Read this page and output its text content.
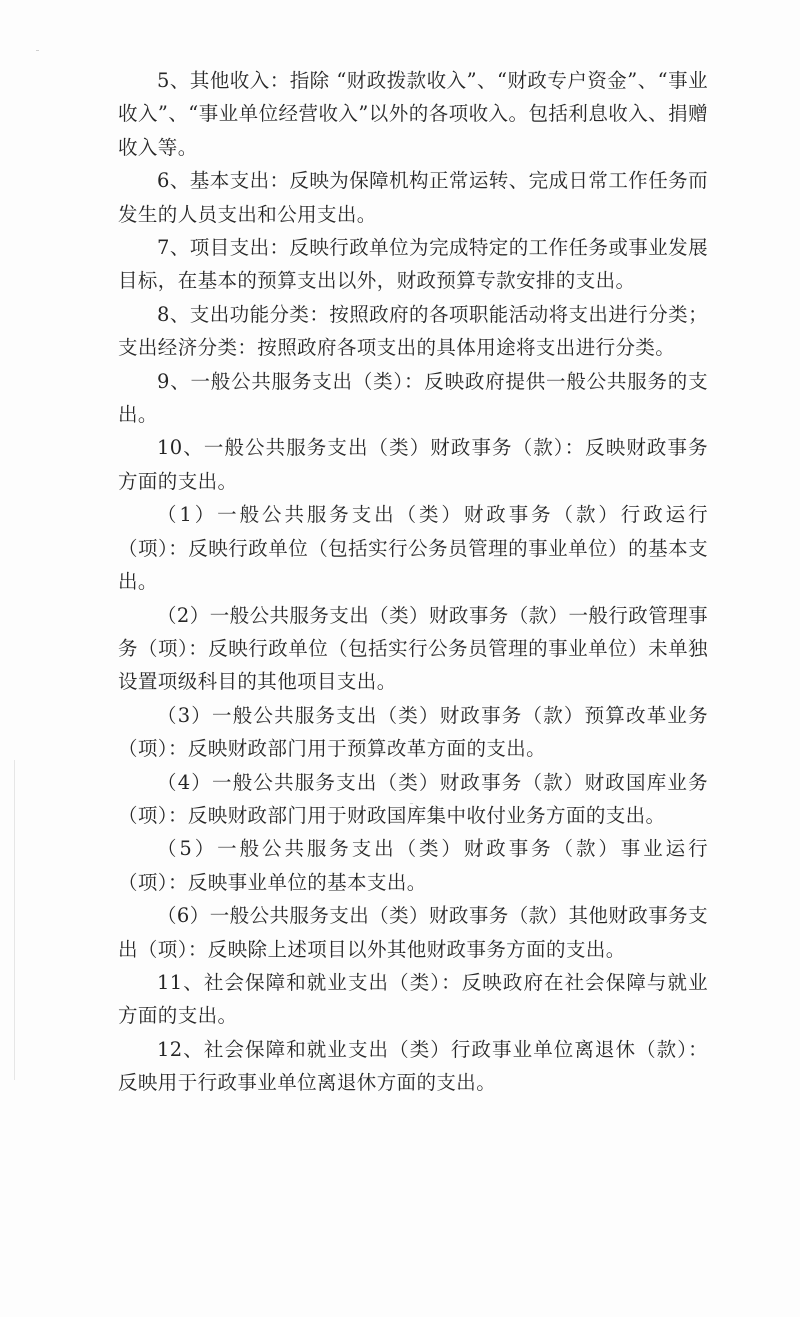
5、其他收入：指除 “财政拨款收入”、“财政专户资金”、“事业收入”、“事业单位经营收入”以外的各项收入。包括利息收入、捐赠收入等。

6、基本支出：反映为保障机构正常运转、完成日常工作任务而发生的人员支出和公用支出。

7、项目支出：反映行政单位为完成特定的工作任务或事业发展目标，在基本的预算支出以外，财政预算专款安排的支出。

8、支出功能分类：按照政府的各项职能活动将支出进行分类；支出经济分类：按照政府各项支出的具体用途将支出进行分类。

9、一般公共服务支出（类）：反映政府提供一般公共服务的支出。

10、一般公共服务支出（类）财政事务（款）：反映财政事务方面的支出。

（1）一般公共服务支出（类）财政事务（款）行政运行（项）：反映行政单位（包括实行公务员管理的事业单位）的基本支出。

（2）一般公共服务支出（类）财政事务（款）一般行政管理事务（项）：反映行政单位（包括实行公务员管理的事业单位）未单独设置项级科目的其他项目支出。

（3）一般公共服务支出（类）财政事务（款）预算改革业务（项）：反映财政部门用于预算改革方面的支出。

（4）一般公共服务支出（类）财政事务（款）财政国库业务（项）：反映财政部门用于财政国库集中收付业务方面的支出。

（5）一般公共服务支出（类）财政事务（款）事业运行（项）：反映事业单位的基本支出。

（6）一般公共服务支出（类）财政事务（款）其他财政事务支出（项）：反映除上述项目以外其他财政事务方面的支出。

11、社会保障和就业支出（类）：反映政府在社会保障与就业方面的支出。

12、社会保障和就业支出（类）行政事业单位离退休（款）：反映用于行政事业单位离退休方面的支出。
